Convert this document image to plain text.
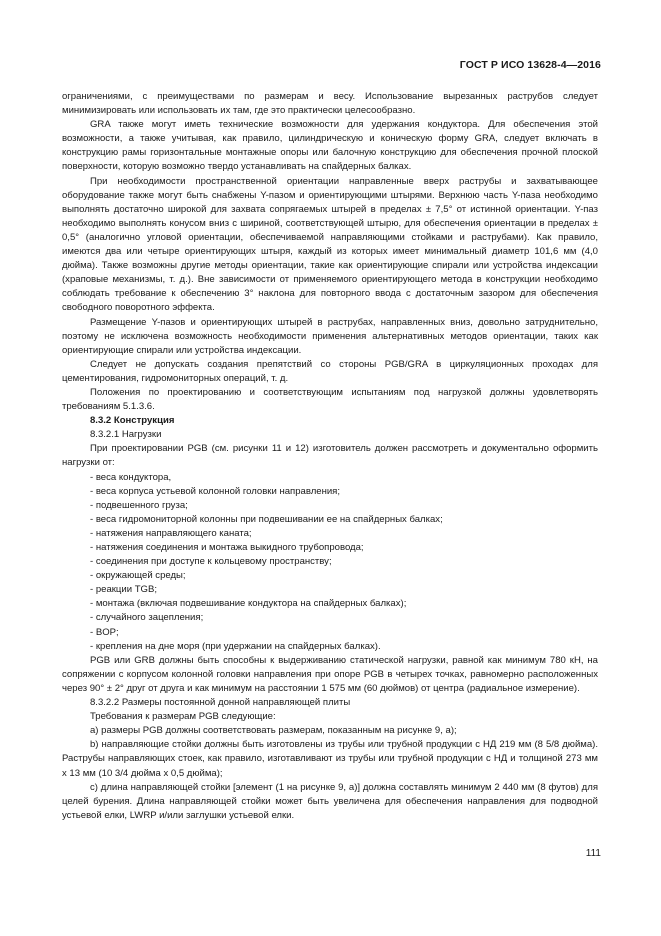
ГОСТ Р ИСО 13628-4—2016

ограничениями, с преимуществами по размерам и весу. Использование вырезанных раструбов следует минимизировать или использовать их там, где это практически целесообразно.

GRA также могут иметь технические возможности для удержания кондуктора. Для обеспечения этой возможности, а также учитывая, как правило, цилиндрическую и коническую форму GRA, следует включать в конструкцию рамы горизонтальные монтажные опоры или балочную конструкцию для обеспечения прочной плоской поверхности, которую возможно твердо устанавливать на спайдерных балках.

При необходимости пространственной ориентации направленные вверх раструбы и захватывающее оборудование также могут быть снабжены Y-пазом и ориентирующими штырями. Верхнюю часть Y-паза необходимо выполнять достаточно широкой для захвата сопрягаемых штырей в пределах ± 7,5° от истинной ориентации. Y-паз необходимо выполнять конусом вниз с шириной, соответствующей штырю, для обеспечения ориентации в пределах ± 0,5° (аналогично угловой ориентации, обеспечиваемой направляющими стойками и раструбами). Как правило, имеются два или четыре ориентирующих штыря, каждый из которых имеет минимальный диаметр 101,6 мм (4,0 дюйма). Также возможны другие методы ориентации, такие как ориентирующие спирали или устройства индексации (храповые механизмы, т. д.). Вне зависимости от применяемого ориентирующего метода в конструкции необходимо соблюдать требование к обеспечению 3° наклона для повторного ввода с достаточным зазором для обеспечения свободного поворотного эффекта.

Размещение Y-пазов и ориентирующих штырей в раструбах, направленных вниз, довольно затруднительно, поэтому не исключена возможность необходимости применения альтернативных методов ориентации, таких как ориентирующие спирали или устройства индексации.

Следует не допускать создания препятствий со стороны PGB/GRA в циркуляционных проходах для цементирования, гидромониторных операций, т. д.

Положения по проектированию и соответствующим испытаниям под нагрузкой должны удовлетворять требованиям 5.1.3.6.

8.3.2 Конструкция

8.3.2.1 Нагрузки

При проектировании PGB (см. рисунки 11 и 12) изготовитель должен рассмотреть и документально оформить нагрузки от:

- веса кондуктора,
- веса корпуса устьевой колонной головки направления;
- подвешенного груза;
- веса гидромониторной колонны при подвешивании ее на спайдерных балках;
- натяжения направляющего каната;
- натяжения соединения и монтажа выкидного трубопровода;
- соединения при доступе к кольцевому пространству;
- окружающей среды;
- реакции TGB;
- монтажа (включая подвешивание кондуктора на спайдерных балках);
- случайного зацепления;
- BOP;
- крепления на дне моря (при удержании на спайдерных балках).

PGB или GRB должны быть способны к выдерживанию статической нагрузки, равной как минимум 780 кН, на сопряжении с корпусом колонной головки направления при опоре PGB в четырех точках, равномерно расположенных через 90° ± 2° друг от друга и как минимум на расстоянии 1 575 мм (60 дюймов) от центра (радиальное измерение).

8.3.2.2 Размеры постоянной донной направляющей плиты

Требования к размерам PGB следующие:

а) размеры PGB должны соответствовать размерам, показанным на рисунке 9, а);

b) направляющие стойки должны быть изготовлены из трубы или трубной продукции с НД 219 мм (8 5/8 дюйма). Раструбы направляющих стоек, как правило, изготавливают из трубы или трубной продукции с НД и толщиной 273 мм x 13 мм (10 3/4 дюйма x 0,5 дюйма);

с) длина направляющей стойки [элемент (1 на рисунке 9, а)] должна составлять минимум 2 440 мм (8 футов) для целей бурения. Длина направляющей стойки может быть увеличена для обеспечения направления для подводной устьевой елки, LWRP и/или заглушки устьевой елки.

111
